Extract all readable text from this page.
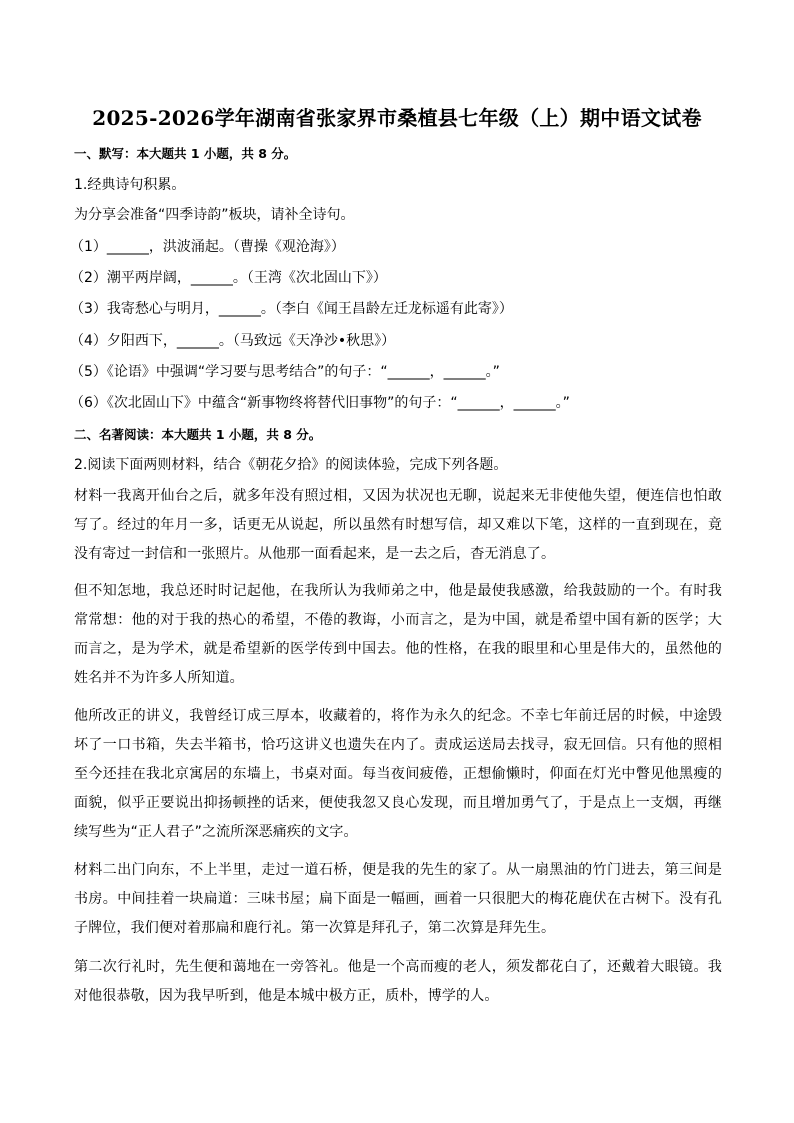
2025-2026学年湖南省张家界市桑植县七年级（上）期中语文试卷
一、默写：本大题共 1 小题，共 8 分。
1.经典诗句积累。
为分享会准备“四季诗韵”板块，请补全诗句。
（1）______，洪波涌起。（曹操《观沧海》）
（2）潮平两岸阔，______。（王湾《次北固山下》）
（3）我寄愁心与明月，______。（李白《闻王昌龄左迁龙标遥有此寄》）
（4）夕阳西下，______。（马致远《天净沙•秋思》）
（5）《论语》中强调“学习要与思考结合”的句子：“______，______。”
（6）《次北固山下》中蕴含“新事物终将替代旧事物”的句子：“______，______。”
二、名著阅读：本大题共 1 小题，共 8 分。
2.阅读下面两则材料，结合《朝花夕拾》的阅读体验，完成下列各题。
材料一我离开仙台之后，就多年没有照过相，又因为状况也无聊，说起来无非使他失望，便连信也怕敢写了。经过的年月一多，话更无从说起，所以虽然有时想写信，却又难以下笔，这样的一直到现在，竟没有寄过一封信和一张照片。从他那一面看起来，是一去之后，杳无消息了。
但不知怎地，我总还时时记起他，在我所认为我师弟之中，他是最使我感激，给我鼓励的一个。有时我常常想：他的对于我的热心的希望，不倦的教诲，小而言之，是为中国，就是希望中国有新的医学；大而言之，是为学术，就是希望新的医学传到中国去。他的性格，在我的眼里和心里是伟大的，虽然他的姓名并不为许多人所知道。
他所改正的讲义，我曾经订成三厚本，收藏着的，将作为永久的纪念。不幸七年前迁居的时候，中途毁坏了一口书箱，失去半箱书，恰巧这讲义也遗失在内了。责成运送局去找寻，寂无回信。只有他的照相至今还挂在我北京寓居的东墙上，书桌对面。每当夜间疲倦，正想偷懒时，仰面在灯光中瞥见他黑瘦的面貌，似乎正要说出抑扬顿挫的话来，便使我忽又良心发现，而且增加勇气了，于是点上一支烟，再继续写些为“正人君子”之流所深恶痛疾的文字。
材料二出门向东，不上半里，走过一道石桥，便是我的先生的家了。从一扇黑油的竹门进去，第三间是书房。中间挂着一块扁道：三味书屋；扁下面是一幅画，画着一只很肥大的梅花鹿伏在古树下。没有孔子牌位，我们便对着那扁和鹿行礼。第一次算是拜孔子，第二次算是拜先生。
第二次行礼时，先生便和蔼地在一旁答礼。他是一个高而瘦的老人，须发都花白了，还戴着大眼镜。我对他很恭敬，因为我早听到，他是本城中极方正，质朴，博学的人。
